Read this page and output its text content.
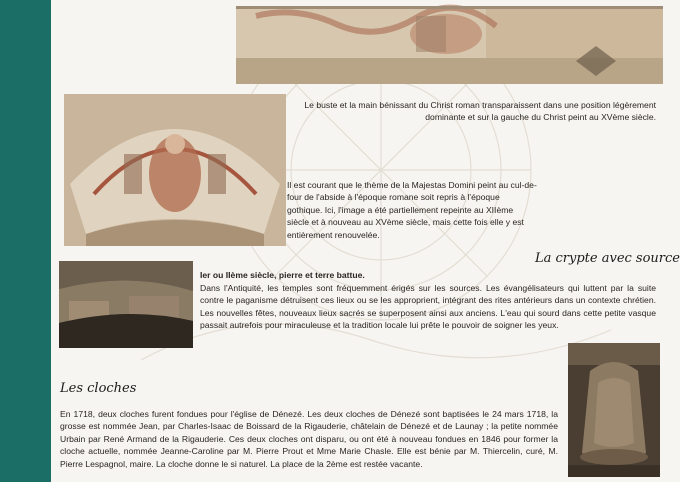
Le buste et la main bénissant du Christ roman transparaissent dans une position légèrement dominante et sur la gauche du Christ peint au XVème siècle.

Il est courant que le thème de la Majestas Domini peint au cul-de-four de l'abside à l'époque romane soit repris à l'époque gothique. Ici, l'image a été partiellement repeinte au XIIème siècle et à nouveau au XVème siècle, mais cette fois elle y est entièrement renouvelée.

La crypte avec source
Ier ou IIème siècle, pierre et terre battue.
Dans l'Antiquité, les temples sont fréquemment érigés sur les sources. Les évangélisateurs qui luttent par la suite contre le paganisme détruisent ces lieux ou se les approprient, intégrant des rites antérieurs dans un contexte chrétien. Les nouvelles fêtes, nouveaux lieux sacrés se superposent ainsi aux anciens. L'eau qui sourd dans cette petite vasque passait autrefois pour miraculeuse et la tradition locale lui prête le pouvoir de soigner les yeux.
Les cloches

En 1718, deux cloches furent fondues pour l'église de Dénezé. Les deux cloches de Dénezé sont baptisées le 24 mars 1718, la grosse est nommée Jean, par Charles-Isaac de Boissard de la Rigauderie, châtelain de Dénezé et de Launay ; la petite nommée Urbain par René Armand de la Rigauderie. Ces deux cloches ont disparu, ou ont été à nouveau fondues en 1846 pour former la cloche actuelle, nommée Jeanne-Caroline par M. Pierre Prout et Mme Marie Chasle. Elle est bénie par M. Thiercelin, curé, M. Pierre Lespagnol, maire. La cloche donne le si naturel. La place de la 2ème est restée vacante.
